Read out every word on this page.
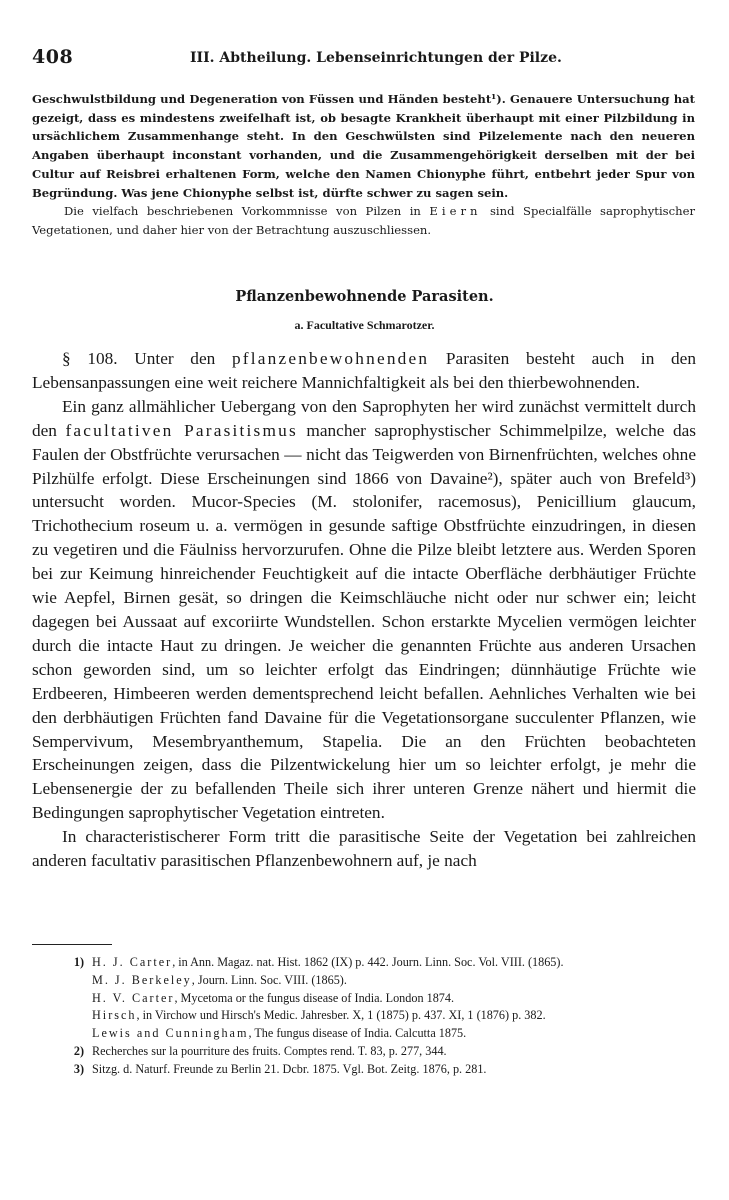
408	III. Abtheilung. Lebenseinrichtungen der Pilze.

Geschwulstbildung und Degeneration von Füssen und Händen besteht¹). Genauere Untersuchung hat gezeigt, dass es mindestens zweifelhaft ist, ob besagte Krankheit überhaupt mit einer Pilzbildung in ursächlichem Zusammenhange steht. In den Geschwülsten sind Pilzelemente nach den neueren Angaben überhaupt inconstant vorhanden, und die Zusammengehörigkeit derselben mit der bei Cultur auf Reisbrei erhaltenen Form, welche den Namen Chionyphe führt, entbehrt jeder Spur von Begründung. Was jene Chionyphe selbst ist, dürfte schwer zu sagen sein.

Die vielfach beschriebenen Vorkommnisse von Pilzen in Eiern sind Specialfälle saprophytischer Vegetationen, und daher hier von der Betrachtung auszuschliessen.

Pflanzenbewohnende Parasiten.
a. Facultative Schmarotzer.

§ 108. Unter den pflanzenbewohnenden Parasiten besteht auch in den Lebensanpassungen eine weit reichere Mannichfaltigkeit als bei den thierbewohnenden.

Ein ganz allmählicher Uebergang von den Saprophyten her wird zunächst vermittelt durch den facultativen Parasitismus mancher saprophystischer Schimmelpilze, welche das Faulen der Obstfrüchte verursachen — nicht das Teigwerden von Birnenfrüchten, welches ohne Pilzhülfe erfolgt. Diese Erscheinungen sind 1866 von Davaine²), später auch von Brefeld³) untersucht worden. Mucor-Species (M. stolonifer, racemosus), Penicillium glaucum, Trichothecium roseum u. a. vermögen in gesunde saftige Obstfrüchte einzudringen, in diesen zu vegetiren und die Fäulniss hervorzurufen. Ohne die Pilze bleibt letztere aus. Werden Sporen bei zur Keimung hinreichender Feuchtigkeit auf die intacte Oberfläche derbhäutiger Früchte wie Aepfel, Birnen gesät, so dringen die Keimschläuche nicht oder nur schwer ein; leicht dagegen bei Aussaat auf excoriirte Wundstellen. Schon erstarkte Mycelien vermögen leichter durch die intacte Haut zu dringen. Je weicher die genannten Früchte aus anderen Ursachen schon geworden sind, um so leichter erfolgt das Eindringen; dünnhäutige Früchte wie Erdbeeren, Himbeeren werden dementsprechend leicht befallen. Aehnliches Verhalten wie bei den derbhäutigen Früchten fand Davaine für die Vegetationsorgane succulenter Pflanzen, wie Sempervivum, Mesembryanthemum, Stapelia. Die an den Früchten beobachteten Erscheinungen zeigen, dass die Pilzentwickelung hier um so leichter erfolgt, je mehr die Lebensenergie der zu befallenden Theile sich ihrer unteren Grenze nähert und hiermit die Bedingungen saprophytischer Vegetation eintreten.

In characteristischerer Form tritt die parasitische Seite der Vegetation bei zahlreichen anderen facultativ parasitischen Pflanzenbewohnern auf, je nach

1) H. J. Carter, in Ann. Magaz. nat. Hist. 1862 (IX) p. 442. Journ. Linn. Soc. Vol. VIII. (1865).
M. J. Berkeley, Journ. Linn. Soc. VIII. (1865).
H. V. Carter, Mycetoma or the fungus disease of India. London 1874.
Hirsch, in Virchow und Hirsch's Medic. Jahresber. X, 1 (1875) p. 437. XI, 1 (1876) p. 382.
Lewis and Cunningham, The fungus disease of India. Calcutta 1875.
2) Recherches sur la pourriture des fruits. Comptes rend. T. 83, p. 277, 344.
3) Sitzg. d. Naturf. Freunde zu Berlin 21. Dcbr. 1875. Vgl. Bot. Zeitg. 1876, p. 281.
